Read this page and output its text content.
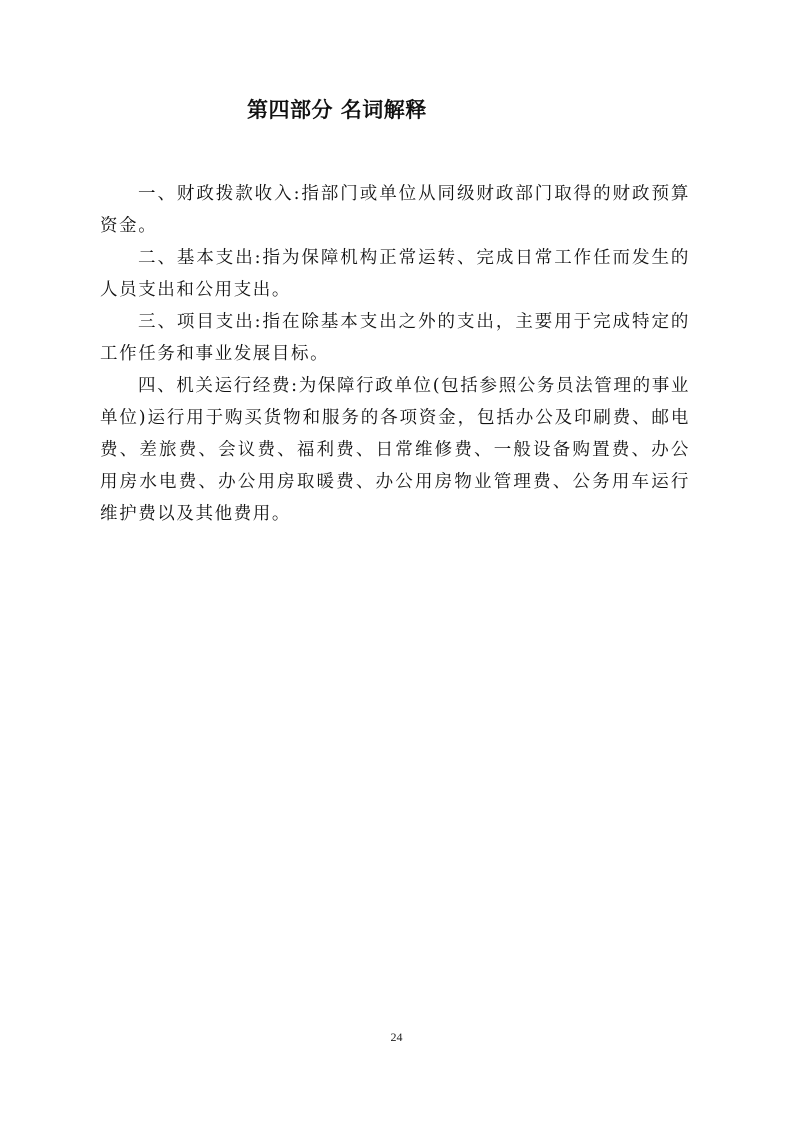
第四部分 名词解释

一、财政拨款收入:指部门或单位从同级财政部门取得的财政预算资金。

二、基本支出:指为保障机构正常运转、完成日常工作任而发生的人员支出和公用支出。

三、项目支出:指在除基本支出之外的支出，主要用于完成特定的工作任务和事业发展目标。

四、机关运行经费:为保障行政单位(包括参照公务员法管理的事业单位)运行用于购买货物和服务的各项资金，包括办公及印刷费、邮电费、差旅费、会议费、福利费、日常维修费、一般设备购置费、办公用房水电费、办公用房取暖费、办公用房物业管理费、公务用车运行维护费以及其他费用。

24
